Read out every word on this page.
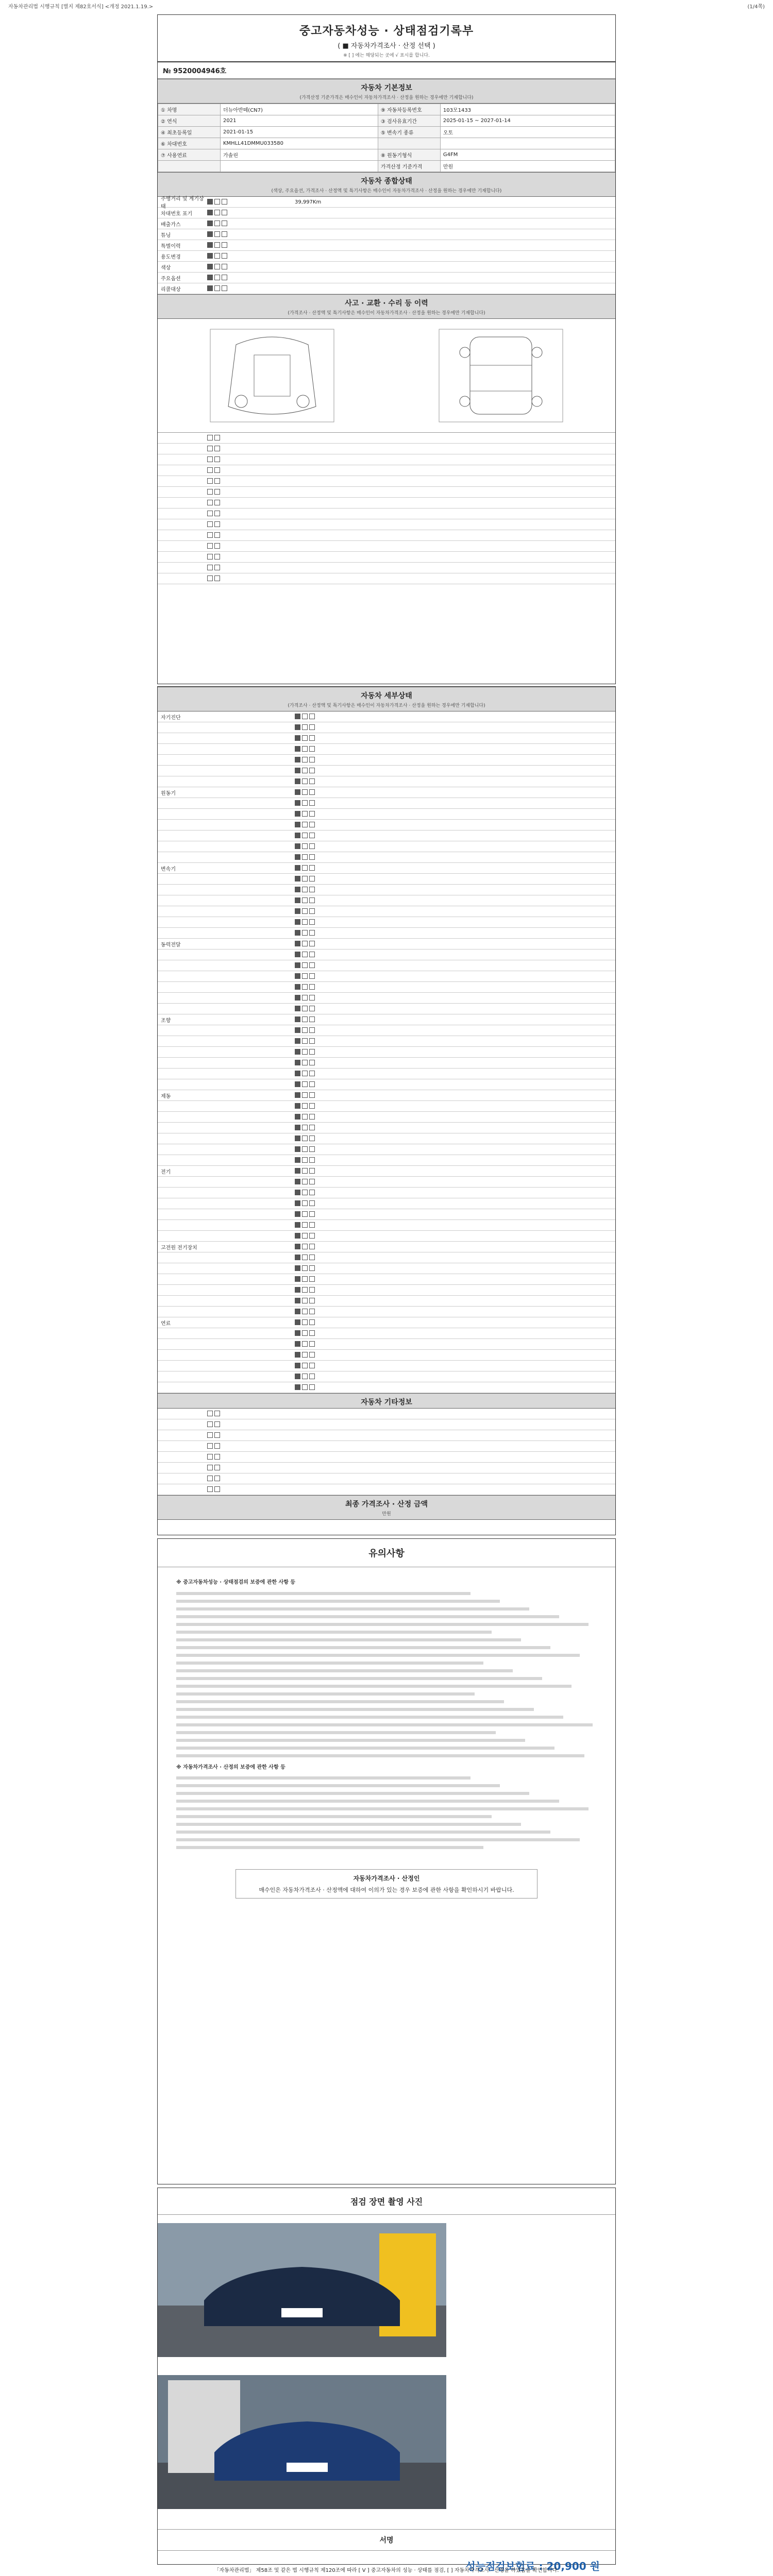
자동차관리법 시행규칙 [별지 제82호서식] <개정 2021.1.19.>	(1/4쪽)
중고자동차성능 · 상태점검기록부
( ■ 자동차가격조사 · 산정 선택 )
※ [ ] 에는 해당되는 곳에 √ 표시를 합니다.
№ 9520004946호
자동차 기본정보
(가격산정 기준가격은 매수인이 자동차가격조사 · 산정을 원하는 경우에만 기재합니다)
① 차명	더뉴아반떼(CN7)	⑨ 자동차등록번호	103모1433
② 연식	2021	③ 검사유효기간	2025-01-15 ~ 2027-01-14
④ 최초등록일	2021-01-15	⑤ 변속기 종류	오토
⑥ 차대번호	KMHLL41DMMU033580		
⑦ 사용연료	가솔린	⑧ 원동기형식	G4FM
		가격산정 기준가격	만원
자동차 종합상태
(색상, 주요옵션, 가격조사 · 산정액 및 특기사항은 매수인이 자동차가격조사 · 산정을 원하는 경우에만 기재합니다)
주행거리 및 계기상태
39,997Km
차대번호 표기
배출가스
튜닝
특별이력
용도변경
색상
주요옵션
리콜대상
사고 · 교환 · 수리 등 이력
(가격조사 · 산정액 및 특기사항은 매수인이 자동차가격조사 · 산정을 원하는 경우에만 기재합니다)
자동차 세부상태
(가격조사 · 산정액 및 특기사항은 매수인이 자동차가격조사 · 산정을 원하는 경우에만 기재합니다)
자기진단
원동기
변속기
동력전달
조향
제동
전기
고전원 전기장치
연료
자동차 기타정보
최종 가격조사 · 산정 금액
만원
유의사항

※ 중고자동차성능 · 상태점검의 보증에 관한 사항 등

※ 자동차가격조사 · 산정의 보증에 관한 사항 등

자동차가격조사 · 산정인
매수인은 자동차가격조사 · 산정액에 대하여 이의가 있는 경우 보증에 관한 사항을 확인하시기 바랍니다.
점검 장면 촬영 사진

서명
성능점검보험료 : 20,900 원
「자동차관리법」 제58조 및 같은 법 시행규칙 제120조에 따라 [ V ] 중고자동차의 성능 · 상태를 점검, [ ] 자동차가격조사 · 산정을 하였음을 확인합니다.
